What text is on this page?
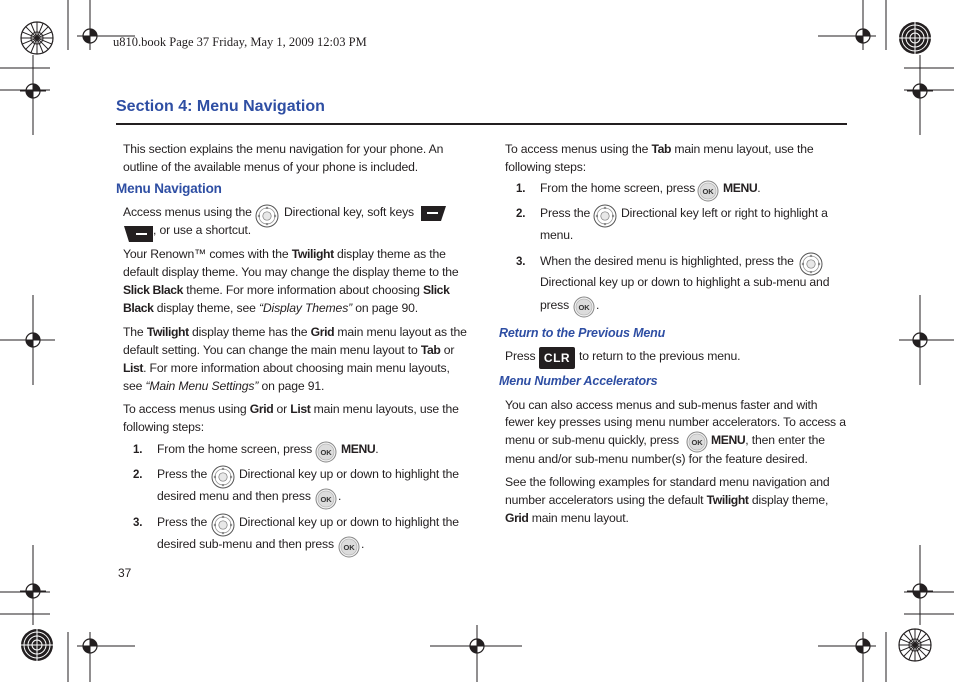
u810.book Page 37 Friday, May 1, 2009 12:03 PM
Section 4: Menu Navigation

This section explains the menu navigation for your phone. An

outline of the available menus of your phone is included.

Menu Navigation
Access menus using the	Directional key, soft keys
, or use a shortcut.

Your Renown™ comes with the Twilight display theme as the

default display theme. You may change the display theme to the

Slick Black theme. For more information about choosing Slick

Black display theme, see “Display Themes” on page 90.

The Twilight display theme has the Grid main menu layout as the

default setting. You can change the main menu layout to Tab or

List. For more information about choosing main menu layouts,

see “Main Menu Settings” on page 91.

To access menus using Grid or List main menu layouts, use the

following steps:

1. From the home screen, press MENU.
2. Press the	Directional key up or down to highlight the
desired menu and then press .
3. Press the	Directional key up or down to highlight the
desired sub-menu and then press .

To access menus using the Tab main menu layout, use the

following steps:

1. From the home screen, press MENU.
2. Press the	Directional key left or right to highlight a
menu.
3. When the desired menu is highlighted, press the
Directional key up or down to highlight a sub-menu and
press .
Return to the Previous Menu
Press CLR to return to the previous menu.
Menu Number Accelerators
You can also access menus and sub-menus faster and with
fewer key presses using menu number accelerators. To access a
menu or sub-menu quickly, press	MENU, then enter the
menu and/or sub-menu number(s) for the feature desired.

See the following examples for standard menu navigation and

number accelerators using the default Twilight display theme,

Grid main menu layout.

37
